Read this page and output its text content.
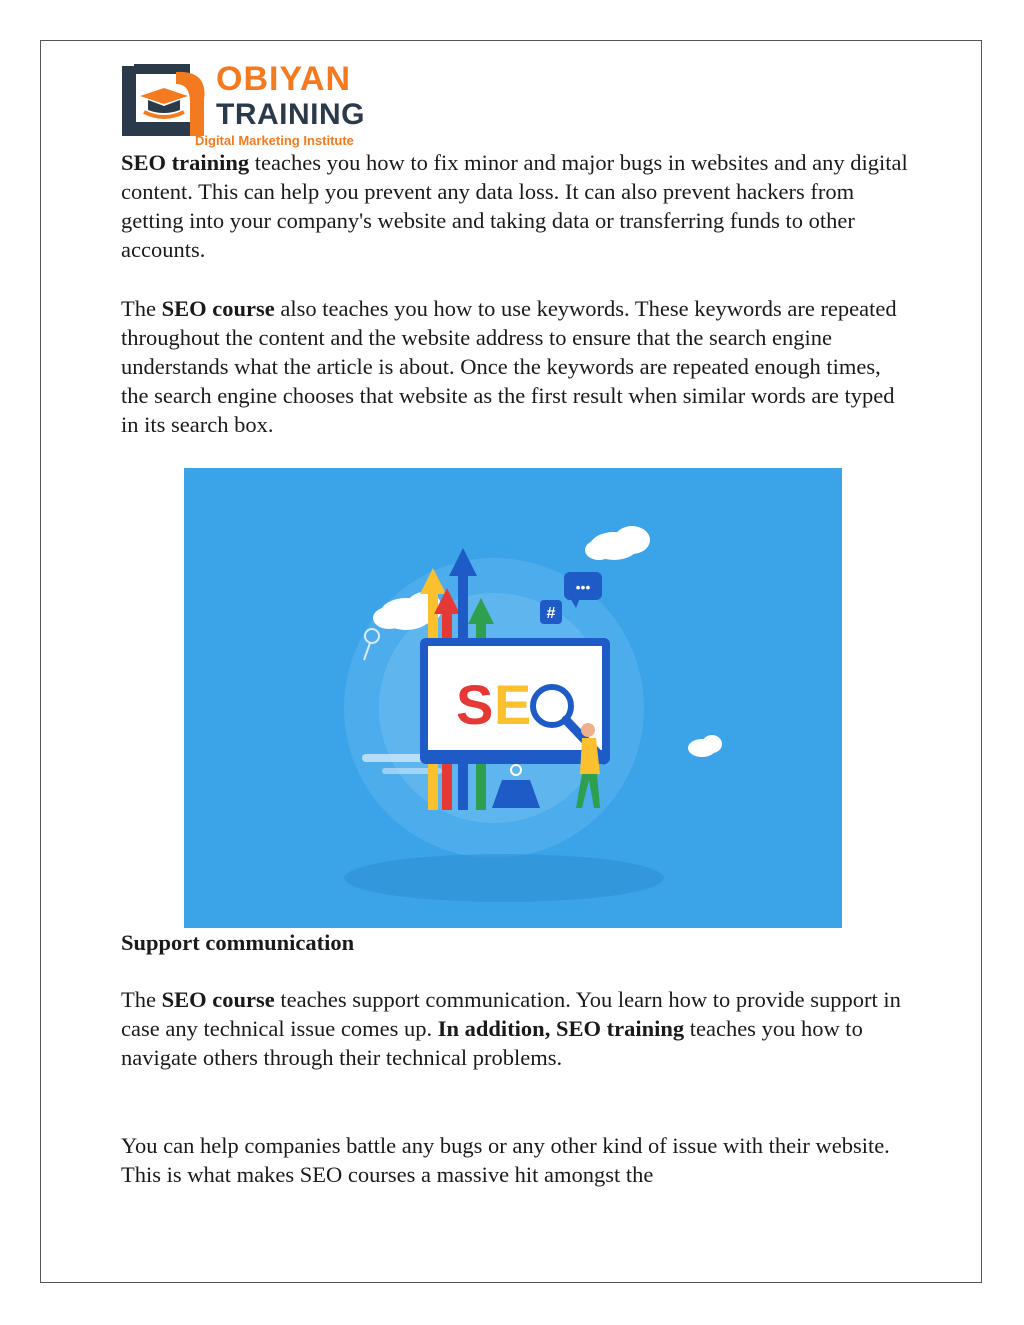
OBIYAN
TRAINING
Digital Marketing Institute
SEO training teaches you how to fix minor and major bugs in websites and any digital content. This can help you prevent any data loss. It can also prevent hackers from getting into your company's website and taking data or transferring funds to other accounts.
The SEO course also teaches you how to use keywords. These keywords are repeated throughout the content and the website address to ensure that the search engine understands what the article is about. Once the keywords are repeated enough times, the search engine chooses that website as the first result when similar words are typed in its search box.
•••
#
S E
Support communication
The SEO course teaches support communication. You learn how to provide support in case any technical issue comes up. In addition, SEO training teaches you how to navigate others through their technical problems.
You can help companies battle any bugs or any other kind of issue with their website. This is what makes SEO courses a massive hit amongst the
